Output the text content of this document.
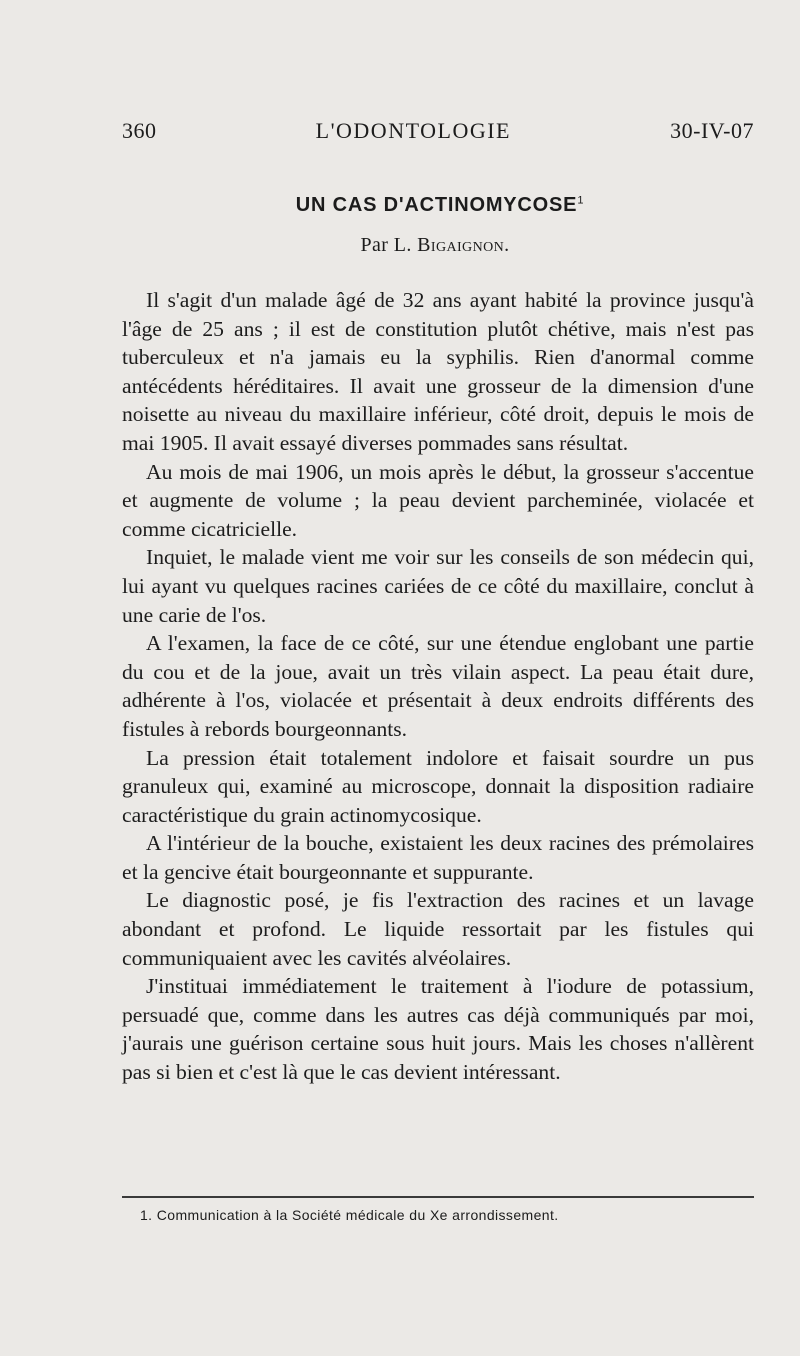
360	L'ODONTOLOGIE	30-IV-07
UN CAS D'ACTINOMYCOSE$^1$
Par L. Bigaignon.

Il s'agit d'un malade âgé de 32 ans ayant habité la province jusqu'à l'âge de 25 ans ; il est de constitution plutôt chétive, mais n'est pas tuberculeux et n'a jamais eu la syphilis. Rien d'anormal comme antécédents héréditaires. Il avait une grosseur de la dimension d'une noisette au niveau du maxillaire inférieur, côté droit, depuis le mois de mai 1905. Il avait essayé diverses pommades sans résultat.

Au mois de mai 1906, un mois après le début, la grosseur s'accentue et augmente de volume ; la peau devient parcheminée, violacée et comme cicatricielle.

Inquiet, le malade vient me voir sur les conseils de son médecin qui, lui ayant vu quelques racines cariées de ce côté du maxillaire, conclut à une carie de l'os.

A l'examen, la face de ce côté, sur une étendue englobant une partie du cou et de la joue, avait un très vilain aspect. La peau était dure, adhérente à l'os, violacée et présentait à deux endroits différents des fistules à rebords bourgeonnants.

La pression était totalement indolore et faisait sourdre un pus granuleux qui, examiné au microscope, donnait la disposition radiaire caractéristique du grain actinomycosique.

A l'intérieur de la bouche, existaient les deux racines des prémolaires et la gencive était bourgeonnante et suppurante.

Le diagnostic posé, je fis l'extraction des racines et un lavage abondant et profond. Le liquide ressortait par les fistules qui communiquaient avec les cavités alvéolaires.

J'instituai immédiatement le traitement à l'iodure de potassium, persuadé que, comme dans les autres cas déjà communiqués par moi, j'aurais une guérison certaine sous huit jours. Mais les choses n'allèrent pas si bien et c'est là que le cas devient intéressant.

1. Communication à la Société médicale du Xe arrondissement.
